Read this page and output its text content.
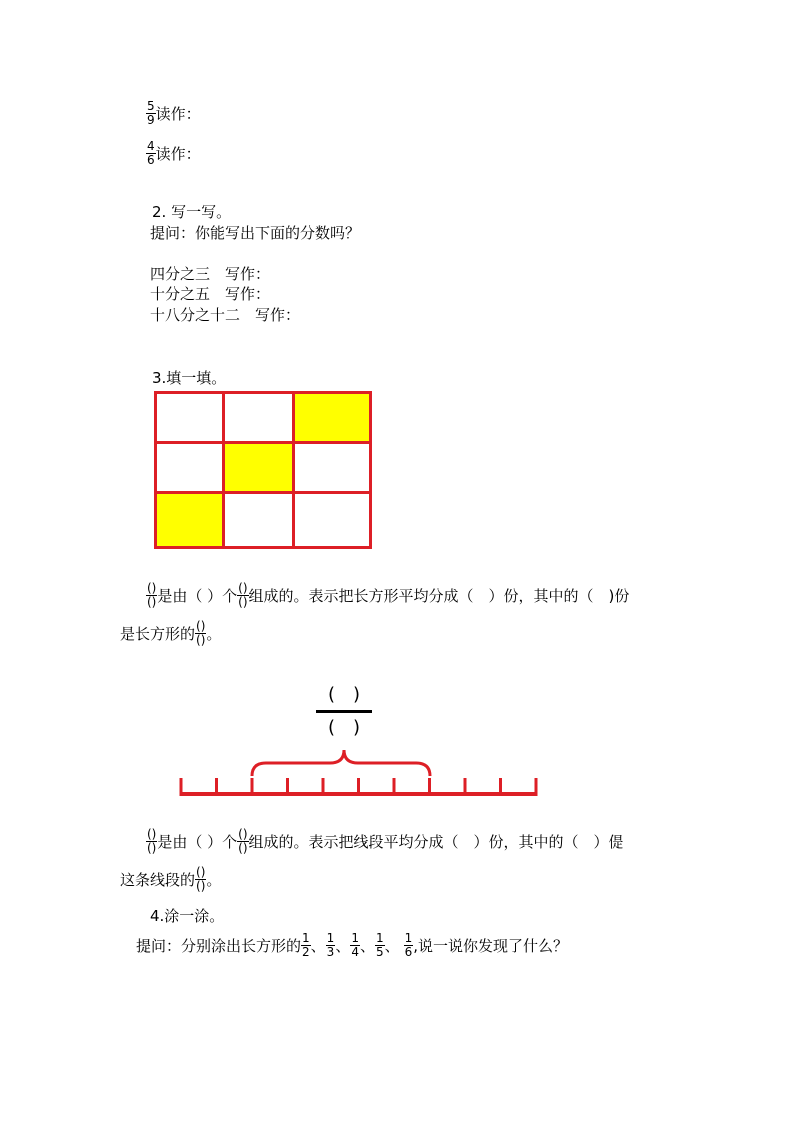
$\frac{5}{9}$ 读作：
$\frac{4}{6}$ 读作：
2. 写一写。
提问：你能写出下面的分数吗？
四分之三　写作：
十分之五　写作：
十八分之十二　写作：
3.填一填。
$\frac{()}{()}$ 是由（ ）个 $\frac{()}{()}$ 组成的。表示把长方形平均分成（　）份，其中的（　)份
是长方形的 $\frac{()}{()}$ 。
(　)
(　)
$\frac{()}{()}$ 是由（ ）个 $\frac{()}{()}$ 组成的。表示把线段平均分成（　）份，其中的（　）偍
这条线段的 $\frac{()}{()}$ 。
4.涂一涂。
提问：分别涂出长方形的 $\frac{1}{2}$ 、 $\frac{1}{3}$ 、 $\frac{1}{4}$ 、 $\frac{1}{5}$ 、 $\frac{1}{6}$ ,说一说你发现了什么？
